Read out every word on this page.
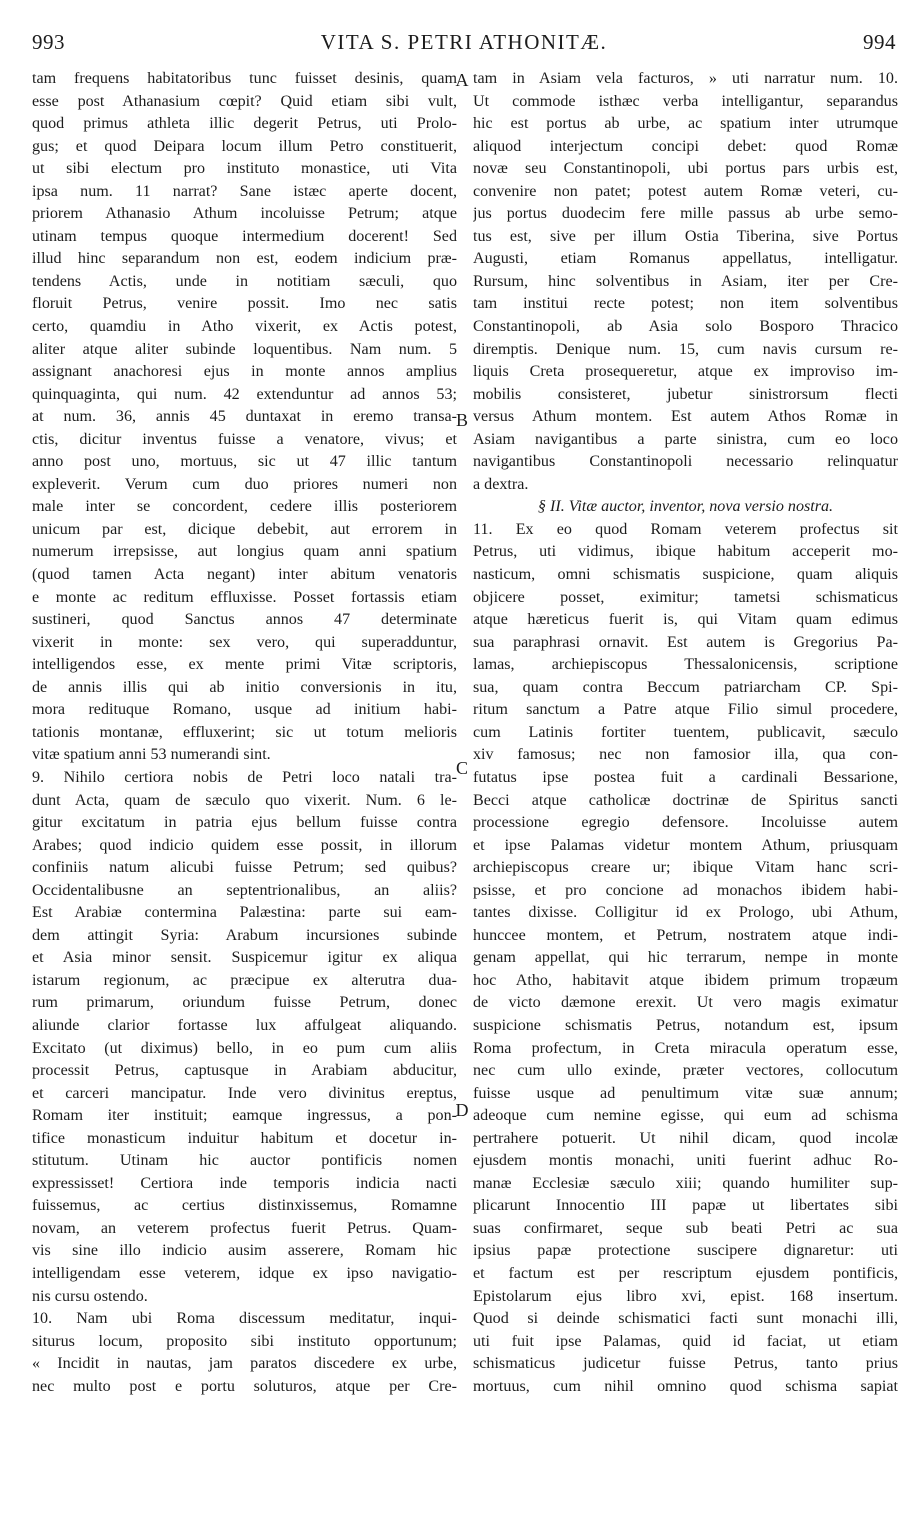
993	VITA S. PETRI ATHONITÆ.	994
tam frequens habitatoribus tunc fuisset desinis, quam
esse post Athanasium cœpit? Quid etiam sibi vult,
quod primus athleta illic degerit Petrus, uti Prolo-
gus; et quod Deipara locum illum Petro constituerit,
ut sibi electum pro instituto monastice, uti Vita
ipsa num. 11 narrat? Sane istæc aperte docent,
priorem Athanasio Athum incoluisse Petrum; atque
utinam tempus quoque intermedium docerent! Sed
illud hinc separandum non est, eodem indicium præ-
tendens Actis, unde in notitiam sæculi, quo
floruit Petrus, venire possit. Imo nec satis
certo, quamdiu in Atho vixerit, ex Actis potest,
aliter atque aliter subinde loquentibus. Nam num. 5
assignant anachoresi ejus in monte annos amplius
quinquaginta, qui num. 42 extenduntur ad annos 53;
at num. 36, annis 45 duntaxat in eremo transa-
ctis, dicitur inventus fuisse a venatore, vivus; et
anno post uno, mortuus, sic ut 47 illic tantum
expleverit. Verum cum duo priores numeri non
male inter se concordent, cedere illis posteriorem
unicum par est, dicique debebit, aut errorem in
numerum irrepsisse, aut longius quam anni spatium
(quod tamen Acta negant) inter abitum venatoris
e monte ac reditum effluxisse. Posset fortassis etiam
sustineri, quod Sanctus annos 47 determinate
vixerit in monte: sex vero, qui superadduntur,
intelligendos esse, ex mente primi Vitæ scriptoris,
de annis illis qui ab initio conversionis in itu,
mora redituque Romano, usque ad initium habi-
tationis montanæ, effluxerint; sic ut totum melioris
vitæ spatium anni 53 numerandi sint.
9. Nihilo certiora nobis de Petri loco natali tra-
dunt Acta, quam de sæculo quo vixerit. Num. 6 le-
gitur excitatum in patria ejus bellum fuisse contra
Arabes; quod indicio quidem esse possit, in illorum
confiniis natum alicubi fuisse Petrum; sed quibus?
Occidentalibusne an septentrionalibus, an aliis?
Est Arabiæ contermina Palæstina: parte sui eam-
dem attingit Syria: Arabum incursiones subinde
et Asia minor sensit. Suspicemur igitur ex aliqua
istarum regionum, ac præcipue ex alterutra dua-
rum primarum, oriundum fuisse Petrum, donec
aliunde clarior fortasse lux affulgeat aliquando.
Excitato (ut diximus) bello, in eo pum cum aliis
processit Petrus, captusque in Arabiam abducitur,
et carceri mancipatur. Inde vero divinitus ereptus,
Romam iter instituit; eamque ingressus, a pon-
tifice monasticum induitur habitum et docetur in-
stitutum. Utinam hic auctor pontificis nomen
expressisset! Certiora inde temporis indicia nacti
fuissemus, ac certius distinxissemus, Romamne
novam, an veterem profectus fuerit Petrus. Quam-
vis sine illo indicio ausim asserere, Romam hic
intelligendam esse veterem, idque ex ipso navigatio-
nis cursu ostendo.
10. Nam ubi Roma discessum meditatur, inqui-
siturus locum, proposito sibi instituto opportunum;
« Incidit in nautas, jam paratos discedere ex urbe,
nec multo post e portu soluturos, atque per Cre-
tam in Asiam vela facturos, » uti narratur num. 10.
Ut commode isthæc verba intelligantur, separandus
hic est portus ab urbe, ac spatium inter utrumque
aliquod interjectum concipi debet: quod Romæ
novæ seu Constantinopoli, ubi portus pars urbis est,
convenire non patet; potest autem Romæ veteri, cu-
jus portus duodecim fere mille passus ab urbe semo-
tus est, sive per illum Ostia Tiberina, sive Portus
Augusti, etiam Romanus appellatus, intelligatur.
Rursum, hinc solventibus in Asiam, iter per Cre-
tam institui recte potest; non item solventibus
Constantinopoli, ab Asia solo Bosporo Thracico
diremptis. Denique num. 15, cum navis cursum re-
liquis Creta prosequeretur, atque ex improviso im-
mobilis consisteret, jubetur sinistrorsum flecti
versus Athum montem. Est autem Athos Romæ in
Asiam navigantibus a parte sinistra, cum eo loco
navigantibus Constantinopoli necessario relinquatur
a dextra.
§ II. Vitæ auctor, inventor, nova versio nostra.
11. Ex eo quod Romam veterem profectus sit
Petrus, uti vidimus, ibique habitum acceperit mo-
nasticum, omni schismatis suspicione, quam aliquis
objicere posset, eximitur; tametsi schismaticus
atque hæreticus fuerit is, qui Vitam quam edimus
sua paraphrasi ornavit. Est autem is Gregorius Pa-
lamas, archiepiscopus Thessalonicensis, scriptione
sua, quam contra Beccum patriarcham CP. Spi-
ritum sanctum a Patre atque Filio simul procedere,
cum Latinis fortiter tuentem, publicavit, sæculo
xiv famosus; nec non famosior illa, qua con-
futatus ipse postea fuit a cardinali Bessarione,
Becci atque catholicæ doctrinæ de Spiritus sancti
processione egregio defensore. Incoluisse autem
et ipse Palamas videtur montem Athum, priusquam
archiepiscopus creare ur; ibique Vitam hanc scri-
psisse, et pro concione ad monachos ibidem habi-
tantes dixisse. Colligitur id ex Prologo, ubi Athum,
hunccee montem, et Petrum, nostratem atque indi-
genam appellat, qui hic terrarum, nempe in monte
hoc Atho, habitavit atque ibidem primum tropæum
de victo dæmone erexit. Ut vero magis eximatur
suspicione schismatis Petrus, notandum est, ipsum
Roma profectum, in Creta miracula operatum esse,
nec cum ullo exinde, præter vectores, collocutum
fuisse usque ad penultimum vitæ suæ annum;
adeoque cum nemine egisse, qui eum ad schisma
pertrahere potuerit. Ut nihil dicam, quod incolæ
ejusdem montis monachi, uniti fuerint adhuc Ro-
manæ Ecclesiæ sæculo xiii; quando humiliter sup-
plicarunt Innocentio III papæ ut libertates sibi
suas confirmaret, seque sub beati Petri ac sua
ipsius papæ protectione suscipere dignaretur: uti
et factum est per rescriptum ejusdem pontificis,
Epistolarum ejus libro xvi, epist. 168 insertum.
Quod si deinde schismatici facti sunt monachi illi,
uti fuit ipse Palamas, quid id faciat, ut etiam
schismaticus judicetur fuisse Petrus, tanto prius
mortuus, cum nihil omnino quod schisma sapiat
A
B
C
D
